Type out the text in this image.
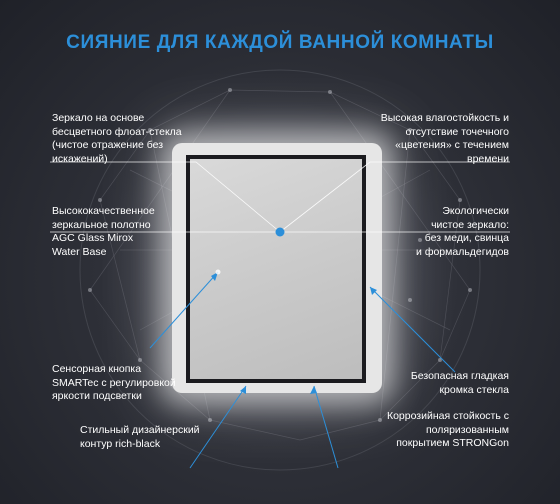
СИЯНИЕ ДЛЯ КАЖДОЙ ВАННОЙ КОМНАТЫ
Зеркало на основе
бесцветного флоат-стекла
(чистое отражение без
искажений)
Высококачественное
зеркальное полотно
AGC Glass Mirox
Water Base
Сенсорная кнопка
SMARTec с регулировкой
яркости подсветки
Стильный дизайнерский
контур rich-black
Высокая влагостойкость и
отсутствие точечного
«цветения» с течением
времени
Экологически
чистое зеркало:
без меди, свинца
и формальдегидов
Безопасная гладкая
кромка стекла
Коррозийная стойкость с
поляризованным
покрытием STRONGon
